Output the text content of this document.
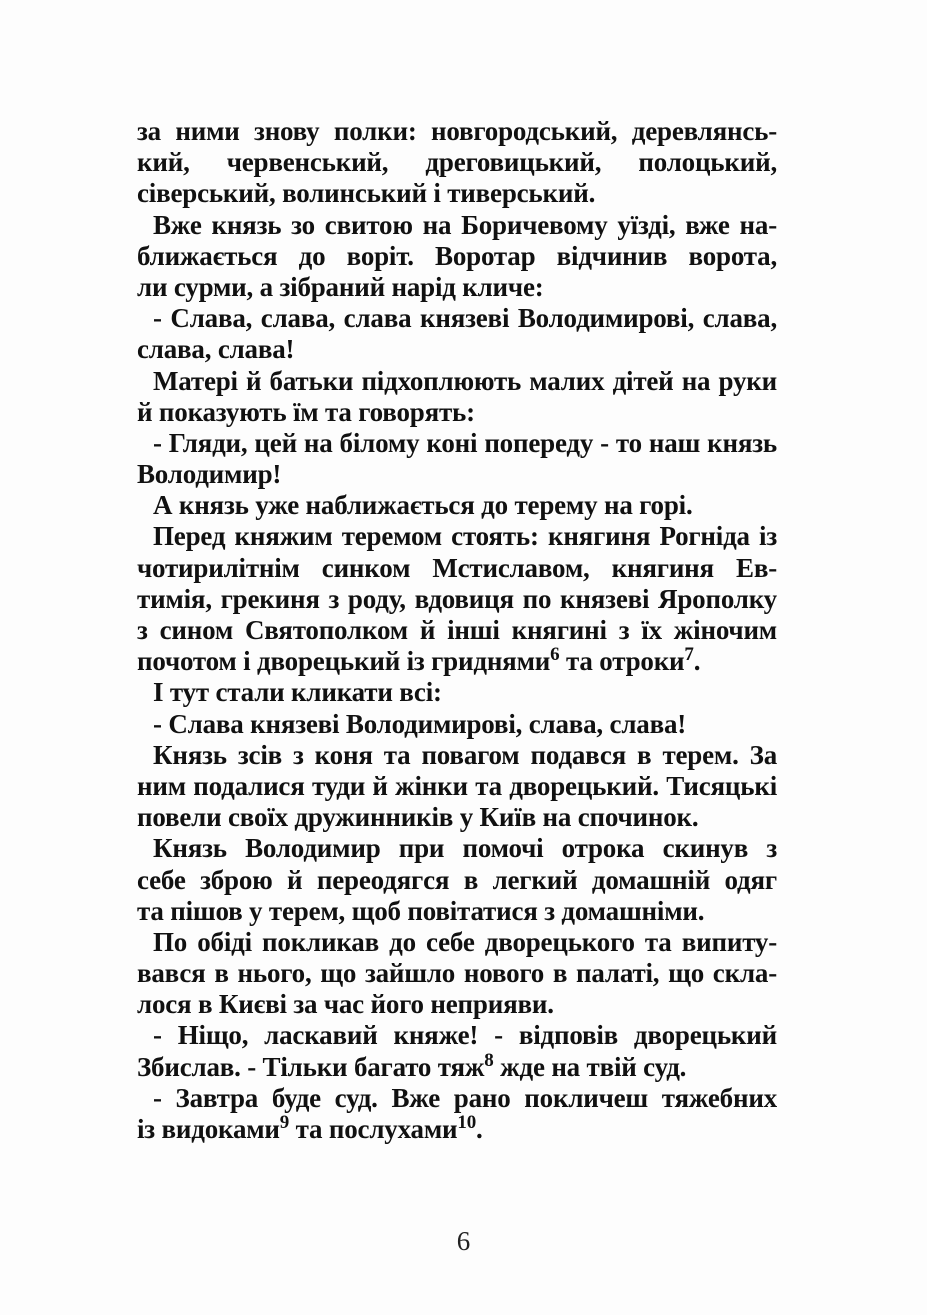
за ними знову полки: новгородський, деревлянсь-
кий, червенський, дреговицький, полоцький,
сіверський, волинський і тиверський.
Вже князь зо свитою на Боричевому уїзді, вже на-
ближається до воріт. Воротар відчинив ворота,
ли сурми, а зібраний нарід кличе:
- Слава, слава, слава князеві Володимирові, слава,
слава, слава!
Матері й батьки підхоплюють малих дітей на руки
й показують їм та говорять:
- Гляди, цей на білому коні попереду - то наш князь
Володимир!
А князь уже наближається до терему на горі.
Перед княжим теремом стоять: княгиня Рогніда із
чотирилітнім синком Мстиславом, княгиня Ев-
тимія, грекиня з роду, вдовиця по князеві Ярополку
з сином Святополком й інші княгині з їх жіночим
почотом і дворецький із гриднями$^6$ та отроки$^7$.
І тут стали кликати всі:
- Слава князеві Володимирові, слава, слава!
Князь зсів з коня та повагом подався в терем. За
ним подалися туди й жінки та дворецький. Тисяцькі
повели своїх дружинників у Київ на спочинок.
Князь Володимир при помочі отрока скинув з
себе зброю й переодягся в легкий домашній одяг
та пішов у терем, щоб повітатися з домашніми.
По обіді покликав до себе дворецького та випиту-
вався в нього, що зайшло нового в палаті, що склa-
лося в Києві за час його неприяви.
- Ніщо, ласкавий княже! - відповів дворецький
Збислав. - Тільки багато тяж$^8$ жде на твій суд.
- Завтра буде суд. Вже рано покличеш тяжебних
із видоками$^9$ та послухами$^{10}$.
6
